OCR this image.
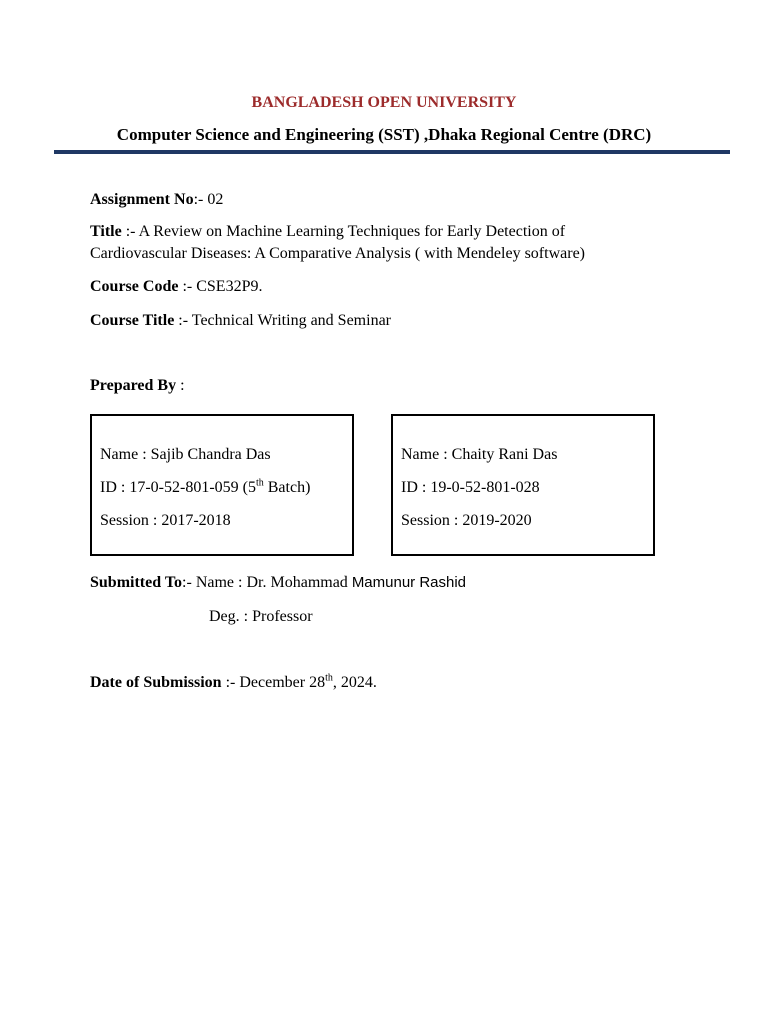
BANGLADESH OPEN UNIVERSITY
Computer Science and Engineering (SST) ,Dhaka Regional Centre (DRC)
Assignment No:- 02
Title :- A Review on Machine Learning Techniques for Early Detection of
Cardiovascular Diseases: A Comparative Analysis ( with Mendeley software)
Course Code :- CSE32P9.
Course Title :- Technical Writing and Seminar
Prepared By :
Name : Sajib Chandra Das
ID : 17-0-52-801-059 (5th Batch)
Session : 2017-2018
Name : Chaity Rani Das
ID : 19-0-52-801-028
Session : 2019-2020
Submitted To:- Name : Dr. Mohammad Mamunur Rashid
Deg. : Professor
Date of Submission :- December 28th, 2024.
